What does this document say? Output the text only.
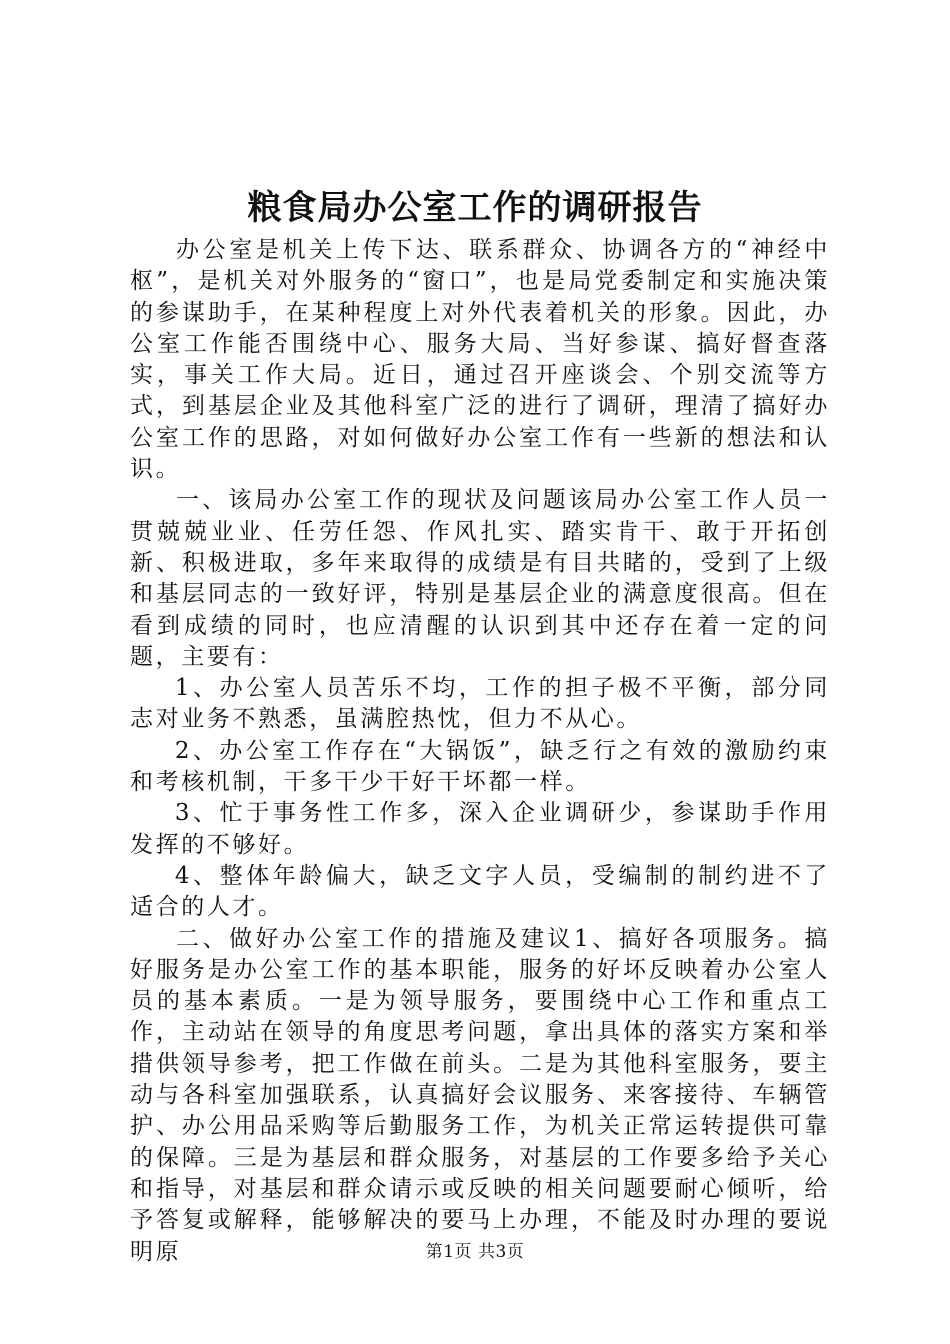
粮食局办公室工作的调研报告

办公室是机关上传下达、联系群众、协调各方的“神经中枢”，是机关对外服务的“窗口”，也是局党委制定和实施决策的参谋助手，在某种程度上对外代表着机关的形象。因此，办公室工作能否围绕中心、服务大局、当好参谋、搞好督查落实，事关工作大局。近日，通过召开座谈会、个别交流等方式，到基层企业及其他科室广泛的进行了调研，理清了搞好办公室工作的思路，对如何做好办公室工作有一些新的想法和认识。

一、该局办公室工作的现状及问题该局办公室工作人员一贯兢兢业业、任劳任怨、作风扎实、踏实肯干、敢于开拓创新、积极进取，多年来取得的成绩是有目共睹的，受到了上级和基层同志的一致好评，特别是基层企业的满意度很高。但在看到成绩的同时，也应清醒的认识到其中还存在着一定的问题，主要有：

1、办公室人员苦乐不均，工作的担子极不平衡，部分同志对业务不熟悉，虽满腔热忱，但力不从心。

2、办公室工作存在“大锅饭”，缺乏行之有效的激励约束和考核机制，干多干少干好干坏都一样。

3、忙于事务性工作多，深入企业调研少，参谋助手作用发挥的不够好。

4、整体年龄偏大，缺乏文字人员，受编制的制约进不了适合的人才。

二、做好办公室工作的措施及建议1、搞好各项服务。搞好服务是办公室工作的基本职能，服务的好坏反映着办公室人员的基本素质。一是为领导服务，要围绕中心工作和重点工作，主动站在领导的角度思考问题，拿出具体的落实方案和举措供领导参考，把工作做在前头。二是为其他科室服务，要主动与各科室加强联系，认真搞好会议服务、来客接待、车辆管护、办公用品采购等后勤服务工作，为机关正常运转提供可靠的保障。三是为基层和群众服务，对基层的工作要多给予关心和指导，对基层和群众请示或反映的相关问题要耐心倾听，给予答复或解释，能够解决的要马上办理，不能及时办理的要说明原	第1页 共3页
